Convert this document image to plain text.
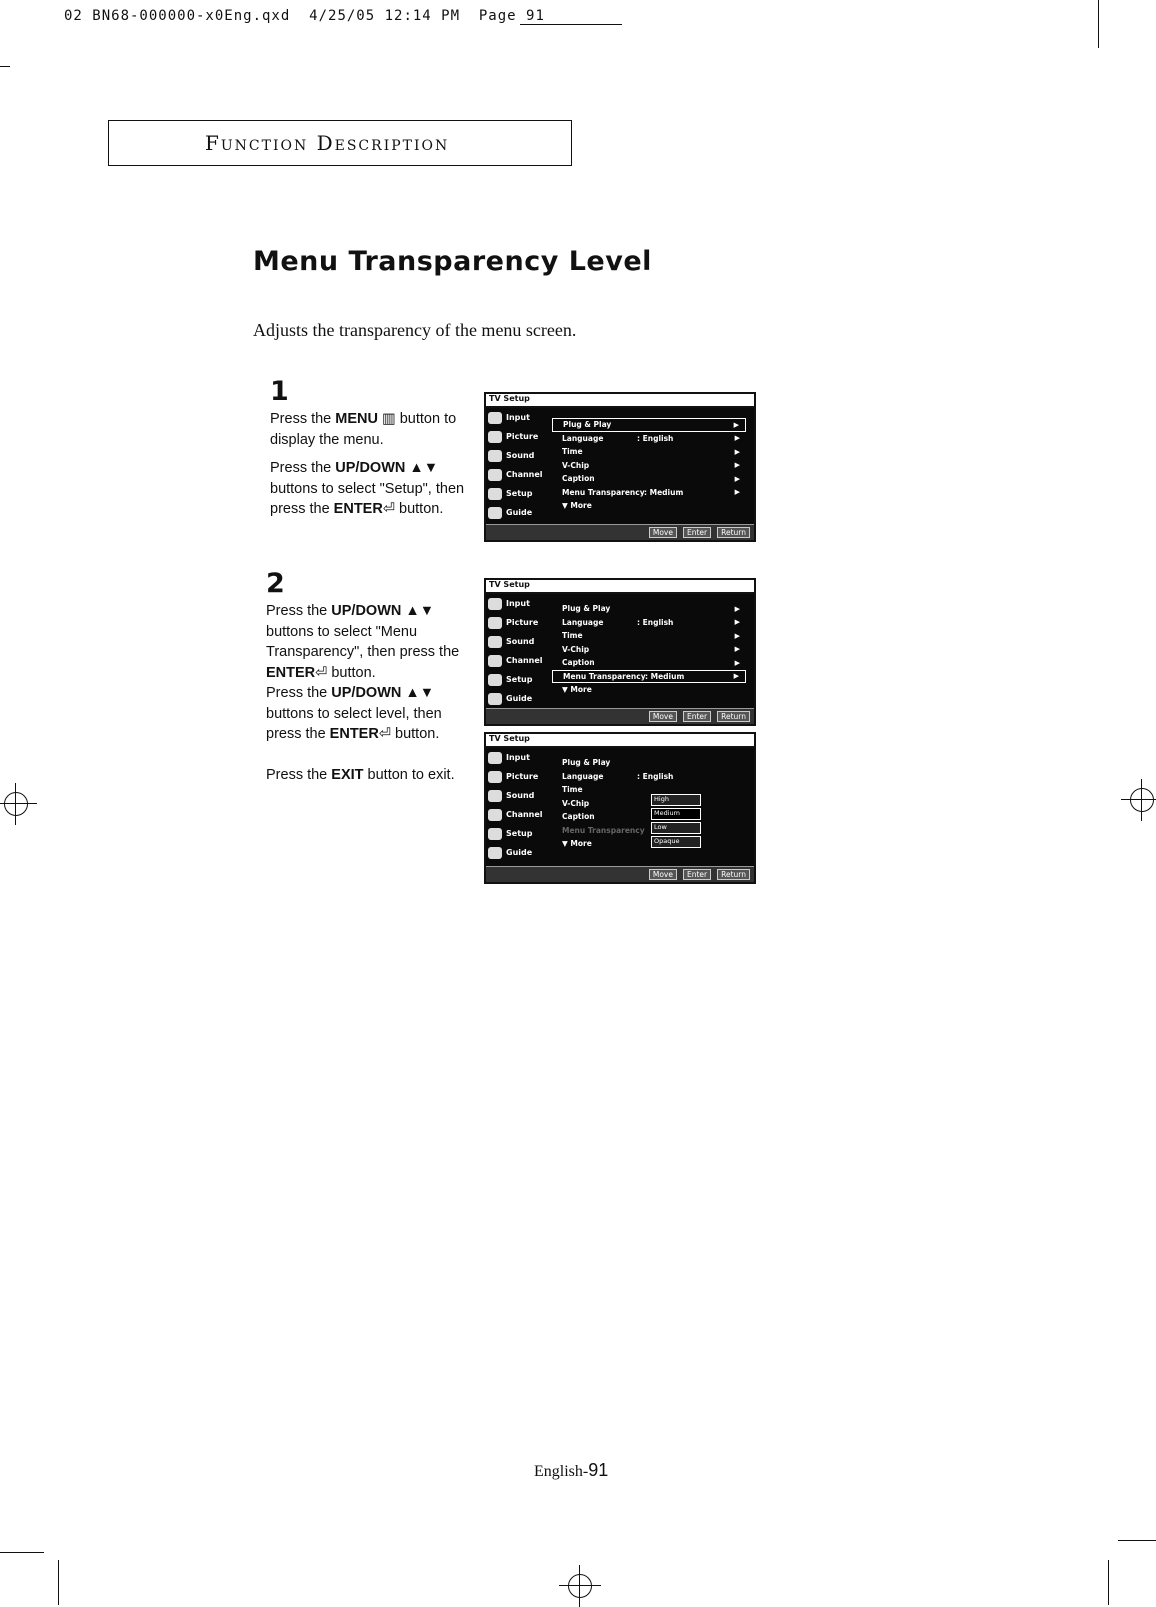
02 BN68-000000-x0Eng.qxd 4/25/05 12:14 PM Page 91
Function Description
Menu Transparency Level
Adjusts the transparency of the menu screen.
1

Press the MENU ▥ button to display the menu.

Press the UP/DOWN ▲▼ buttons to select "Setup", then press the ENTER⏎ button.

2

Press the UP/DOWN ▲▼ buttons to select "Menu Transparency", then press the ENTER⏎ button.

Press the UP/DOWN ▲▼ buttons to select level, then press the ENTER⏎ button.

Press the EXIT button to exit.

TV Setup
Input
Picture
Sound
Channel
Setup
Guide
Plug & Play	▶
Language	: English	▶
Time	▶
V-Chip	▶
Caption	▶
Menu Transparency : Medium	▶
▼ More
Move	Enter	Return
TV Setup
Input
Picture
Sound
Channel
Setup
Guide
Plug & Play	▶
Language	: English	▶
Time	▶
V-Chip	▶
Caption	▶
Menu Transparency : Medium	▶
▼ More
Move	Enter	Return
TV Setup
Input
Picture
Sound
Channel
Setup
Guide
Plug & Play
Language	: English
Time
V-Chip
Caption
Menu Transparency
▼ More
High
Medium
Low
Opaque
Move	Enter	Return
English-91
